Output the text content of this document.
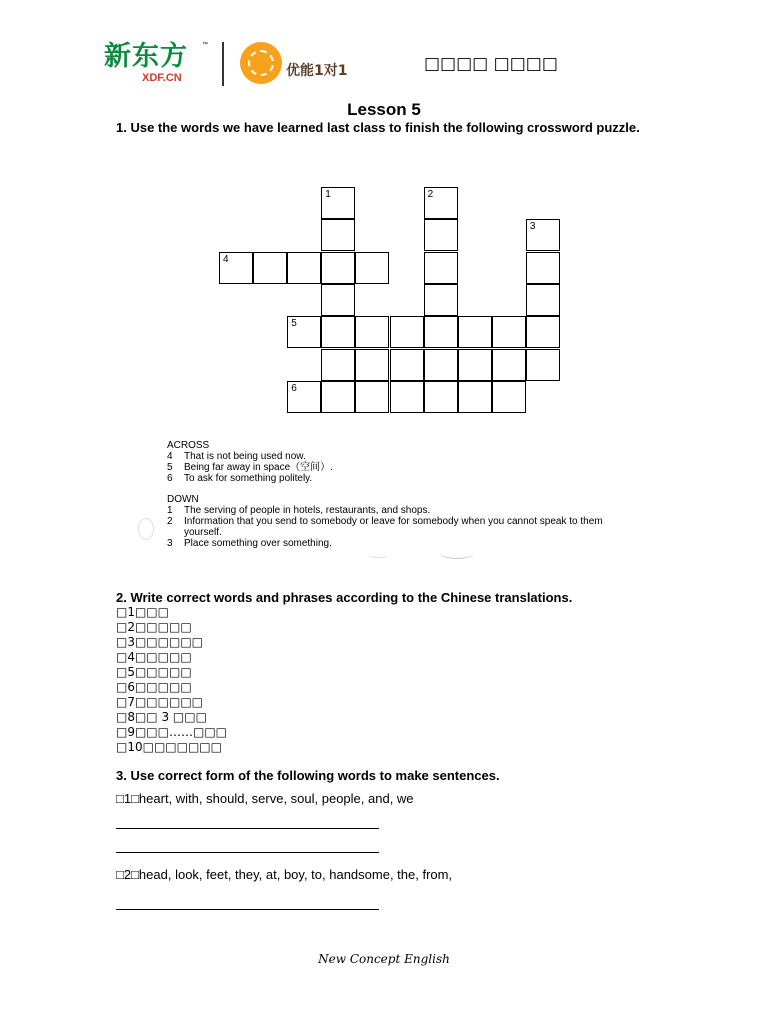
新东方
XDF.CN
™
优能1对1	□□□□ □□□□
Lesson 5
1. Use the words we have learned last class to finish the following crossword puzzle.
1	2
3
4
5
6
ACROSS
4 That is not being used now.
5 Being far away in space（空间）.
6 To ask for something politely.
DOWN
1 The serving of people in hotels, restaurants, and shops.
2 Information that you send to somebody or leave for somebody when you cannot speak to them yourself.
3 Place something over something.
2. Write correct words and phrases according to the Chinese translations.
□1□□□
□2□□□□□
□3□□□□□□
□4□□□□□
□5□□□□□
□6□□□□□
□7□□□□□□
□8□□ 3 □□□
□9□□□……□□□
□10□□□□□□□
3. Use correct form of the following words to make sentences.
□1□heart, with, should, serve, soul, people, and, we
□2□head, look, feet, they, at, boy, to, handsome, the, from,
New Concept English
